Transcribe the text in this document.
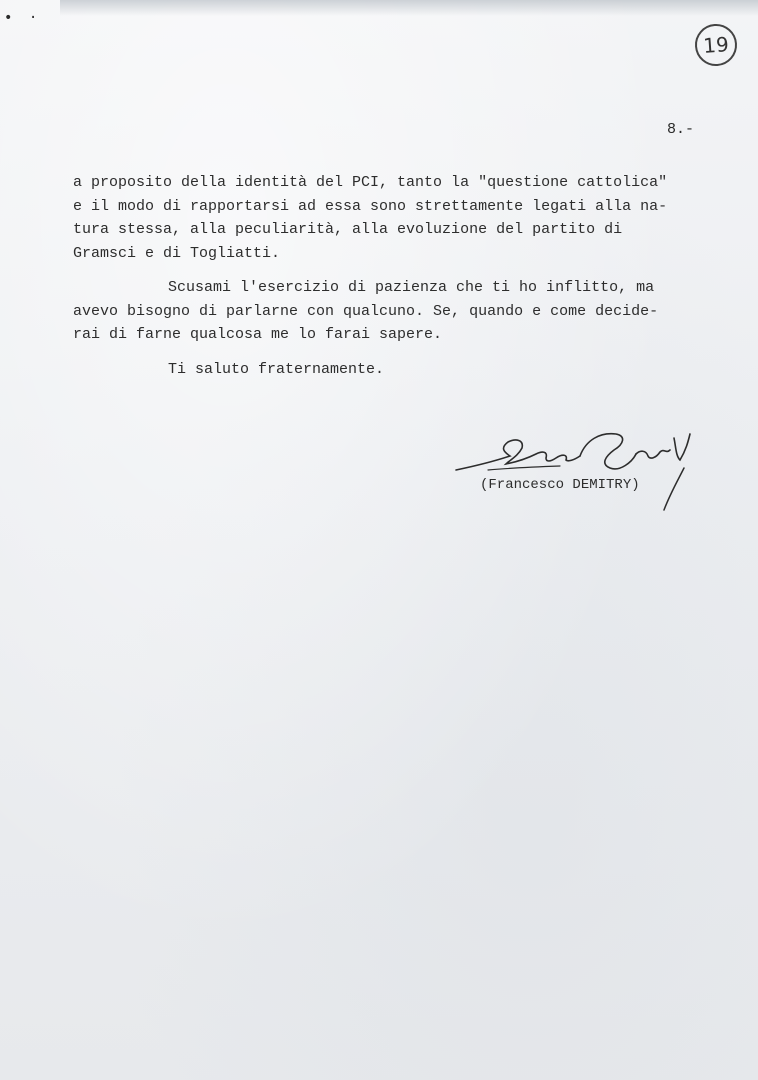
• ·
19
8.-
a proposito della identità del PCI, tanto la "questione cattolica"
e il modo di rapportarsi ad essa sono strettamente legati alla na-
tura stessa, alla peculiarità, alla evoluzione del partito di
Gramsci e di Togliatti.
Scusami l'esercizio di pazienza che ti ho inflitto, ma
avevo bisogno di parlarne con qualcuno. Se, quando e come decide-
rai di farne qualcosa me lo farai sapere.
Ti saluto fraternamente.
(Francesco DEMITRY)
